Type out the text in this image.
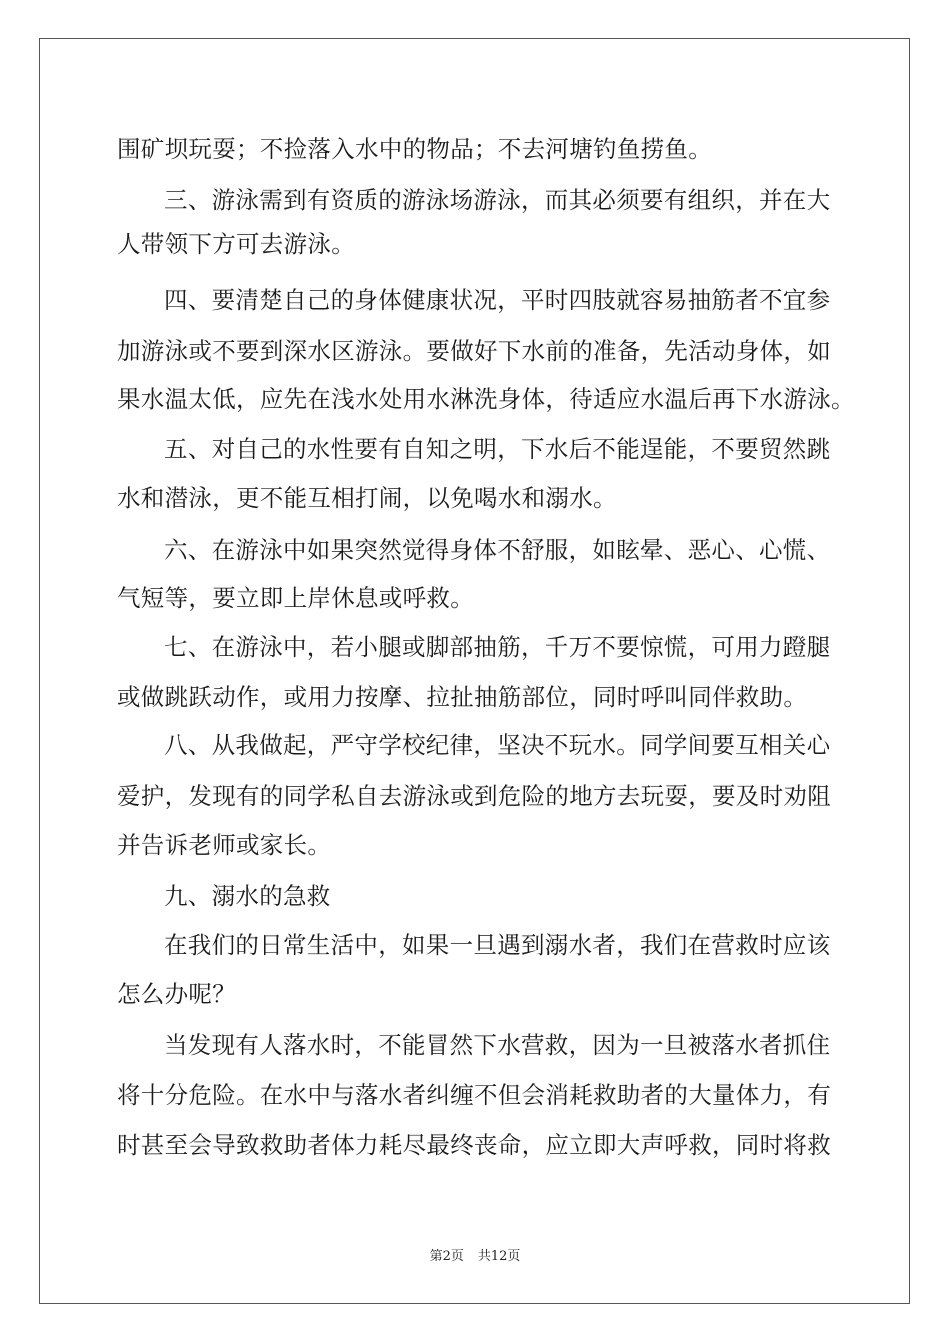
围矿坝玩耍；不捡落入水中的物品；不去河塘钓鱼捞鱼。
三、游泳需到有资质的游泳场游泳，而其必须要有组织，并在大
人带领下方可去游泳。
四、要清楚自己的身体健康状况，平时四肢就容易抽筋者不宜参
加游泳或不要到深水区游泳。要做好下水前的准备，先活动身体，如
果水温太低，应先在浅水处用水淋洗身体，待适应水温后再下水游泳。
五、对自己的水性要有自知之明，下水后不能逞能，不要贸然跳
水和潜泳，更不能互相打闹，以免喝水和溺水。
六、在游泳中如果突然觉得身体不舒服，如眩晕、恶心、心慌、
气短等，要立即上岸休息或呼救。
七、在游泳中，若小腿或脚部抽筋，千万不要惊慌，可用力蹬腿
或做跳跃动作，或用力按摩、拉扯抽筋部位，同时呼叫同伴救助。
八、从我做起，严守学校纪律，坚决不玩水。同学间要互相关心
爱护，发现有的同学私自去游泳或到危险的地方去玩耍，要及时劝阻
并告诉老师或家长。
九、溺水的急救
在我们的日常生活中，如果一旦遇到溺水者，我们在营救时应该
怎么办呢？
当发现有人落水时，不能冒然下水营救，因为一旦被落水者抓住
将十分危险。在水中与落水者纠缠不但会消耗救助者的大量体力，有
时甚至会导致救助者体力耗尽最终丧命，应立即大声呼救，同时将救
第2页 共12页
